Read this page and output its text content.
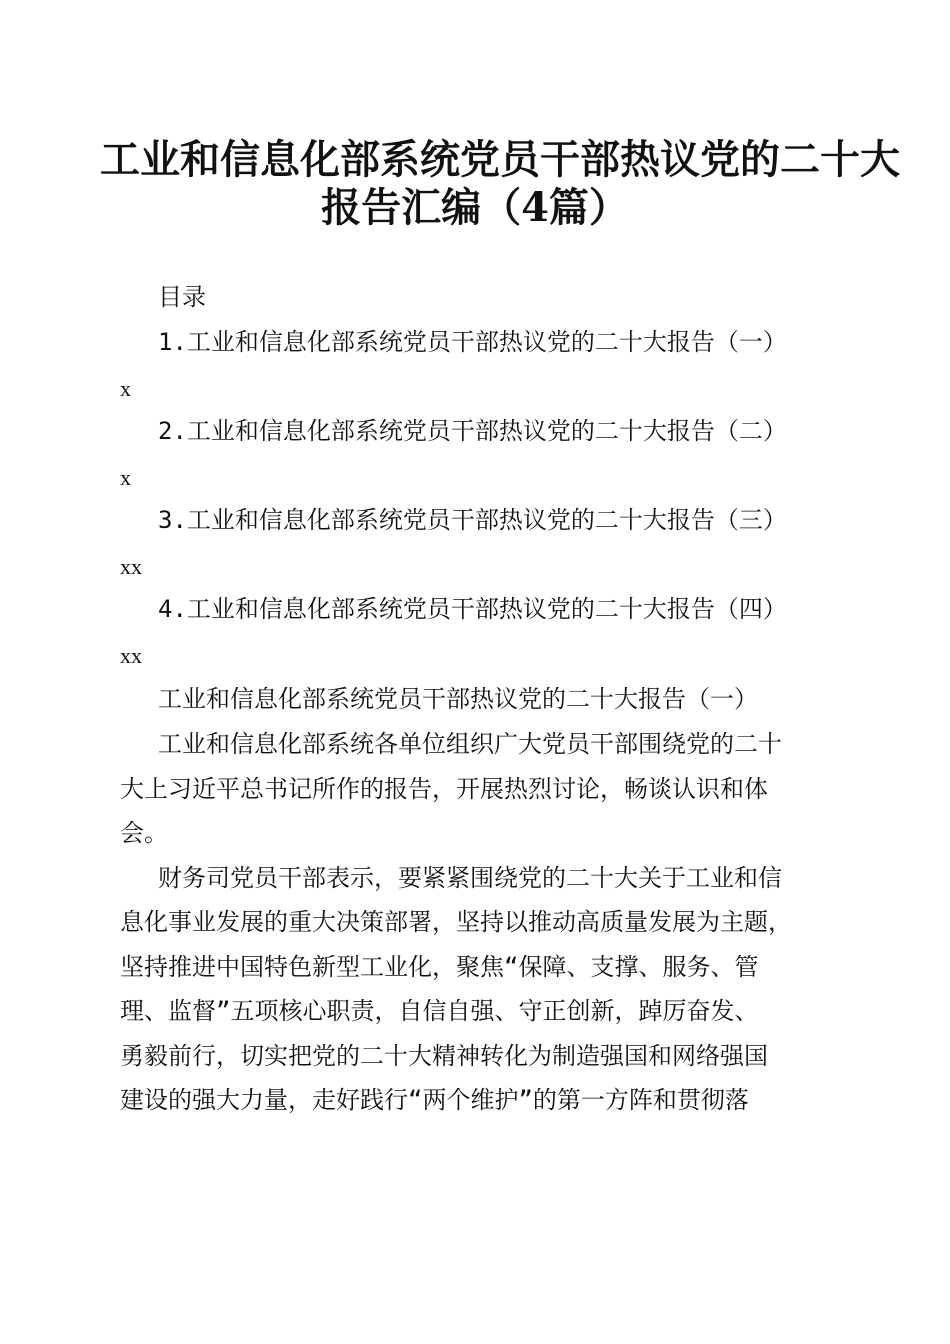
工业和信息化部系统党员干部热议党的二十大
报告汇编（4篇）
目录
1.工业和信息化部系统党员干部热议党的二十大报告（一）
x
2.工业和信息化部系统党员干部热议党的二十大报告（二）
x
3.工业和信息化部系统党员干部热议党的二十大报告（三）
xx
4.工业和信息化部系统党员干部热议党的二十大报告（四）
xx
工业和信息化部系统党员干部热议党的二十大报告（一）
工业和信息化部系统各单位组织广大党员干部围绕党的二十
大上习近平总书记所作的报告，开展热烈讨论，畅谈认识和体
会。
财务司党员干部表示，要紧紧围绕党的二十大关于工业和信
息化事业发展的重大决策部署，坚持以推动高质量发展为主题，
坚持推进中国特色新型工业化，聚焦“保障、支撑、服务、管
理、监督”五项核心职责，自信自强、守正创新，踔厉奋发、
勇毅前行，切实把党的二十大精神转化为制造强国和网络强国
建设的强大力量，走好践行“两个维护”的第一方阵和贯彻落
